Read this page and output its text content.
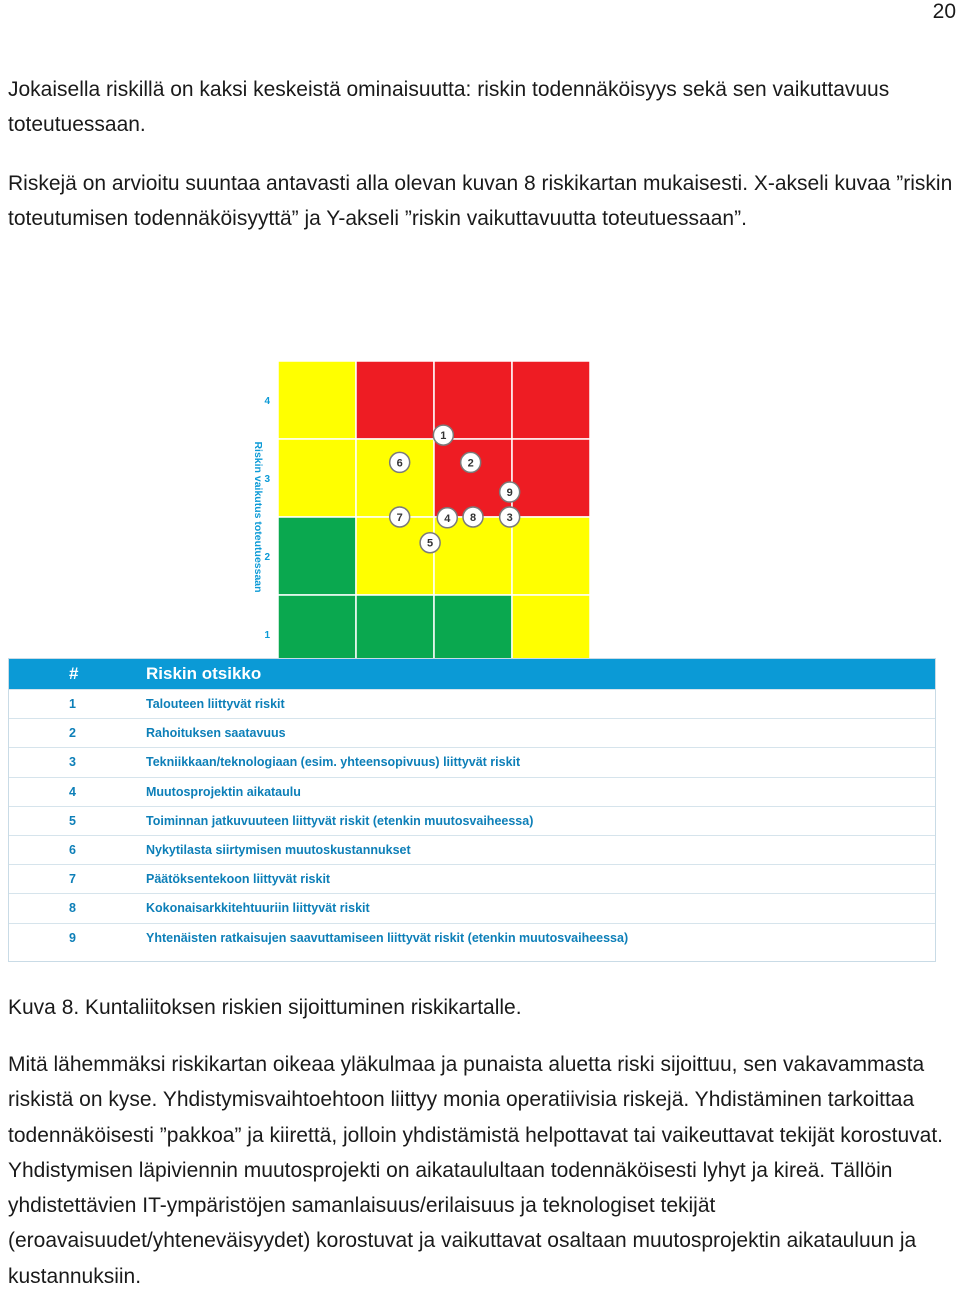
20

Jokaisella riskillä on kaksi keskeistä ominaisuutta: riskin todennäköisyys sekä sen vaikuttavuus toteutuessaan.

Riskejä on arvioitu suuntaa antavasti alla olevan kuvan 8 riskikartan mukaisesti. X-akseli kuvaa ”riskin toteutumisen todennäköisyyttä” ja Y-akseli ”riskin vaikuttavuutta toteutuessaan”.

1
2
3
4
Riskin vaikutus toteutuessaan
1
2
3
4
5
6
7	8
9
#	Riskin otsikko
1	Talouteen liittyvät riskit
2	Rahoituksen saatavuus
3	Tekniikkaan/teknologiaan (esim. yhteensopivuus) liittyvät riskit
4	Muutosprojektin aikataulu
5	Toiminnan jatkuvuuteen liittyvät riskit (etenkin muutosvaiheessa)
6	Nykytilasta siirtymisen muutoskustannukset
7	Päätöksentekoon liittyvät riskit
8	Kokonaisarkkitehtuuriin liittyvät riskit
9	Yhtenäisten ratkaisujen saavuttamiseen liittyvät riskit (etenkin muutosvaiheessa)

Kuva 8. Kuntaliitoksen riskien sijoittuminen riskikartalle.

Mitä lähemmäksi riskikartan oikeaa yläkulmaa ja punaista aluetta riski sijoittuu, sen vakavammasta riskistä on kyse. Yhdistymisvaihtoehtoon liittyy monia operatiivisia riskejä. Yhdistäminen tarkoittaa todennäköisesti ”pakkoa” ja kiirettä, jolloin yhdistämistä helpottavat tai vaikeuttavat tekijät korostuvat. Yhdistymisen läpiviennin muutosprojekti on aikataulultaan todennäköisesti lyhyt ja kireä. Tällöin yhdistettävien IT-ympäristöjen samanlaisuus/erilaisuus ja teknologiset tekijät (eroavaisuudet/yhteneväisyydet) korostuvat ja vaikuttavat osaltaan muutosprojektin aikatauluun ja kustannuksiin.
